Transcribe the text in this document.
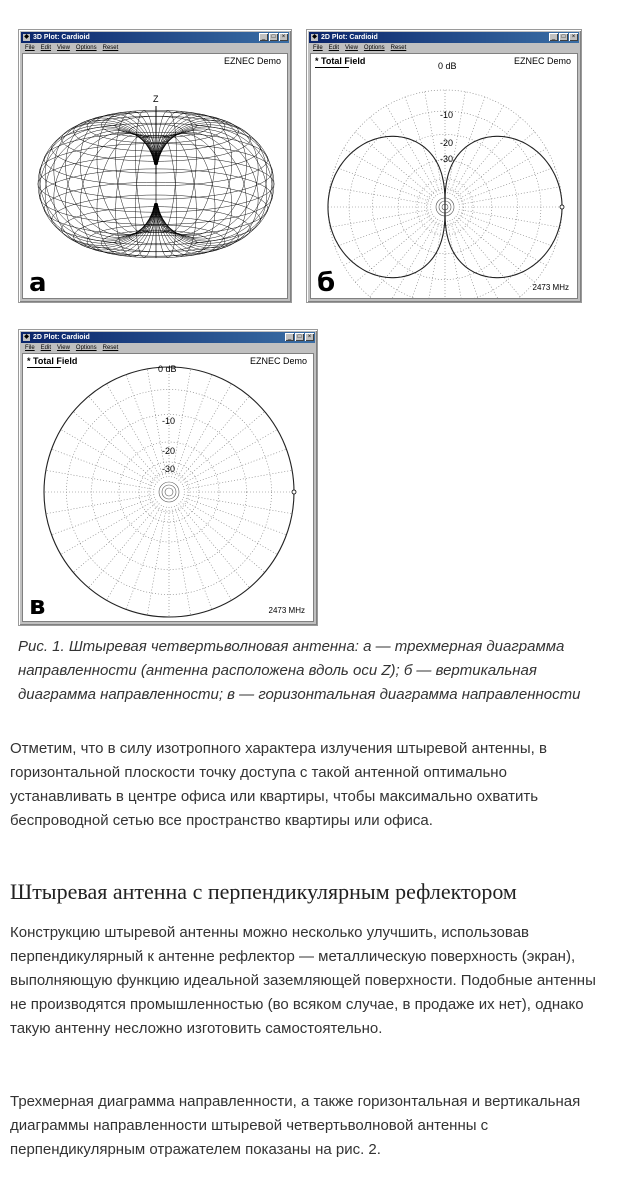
◆ 3D Plot: Cardioid	_	□	×
File Edit View Options Reset
EZNEC Demo
Z
а
◆ 2D Plot: Cardioid	_	□	×
File Edit View Options Reset
0 dB
-10
-20
-30
* Total Field	EZNEC Demo
2473 MHz
б
◆ 2D Plot: Cardioid	_	□	×
File Edit View Options Reset
0 dB
-10
-20
-30
* Total Field	EZNEC Demo
2473 MHz
в
Рис. 1. Штыревая четвертьволновая антенна: а — трехмерная диаграмма направленности (антенна расположена вдоль оси Z); б — вертикальная диаграмма направленности; в — горизонтальная диаграмма направленности
Отметим, что в силу изотропного характера излучения штыревой антенны, в горизонтальной плоскости точку доступа с такой антенной оптимально устанавливать в центре офиса или квартиры, чтобы максимально охватить беспроводной сетью все пространство квартиры или офиса.
Штыревая антенна с перпендикулярным рефлектором
Конструкцию штыревой антенны можно несколько улучшить, использовав перпендикулярный к антенне рефлектор — металлическую поверхность (экран), выполняющую функцию идеальной заземляющей поверхности. Подобные антенны не производятся промышленностью (во всяком случае, в продаже их нет), однако такую антенну несложно изготовить самостоятельно.
Трехмерная диаграмма направленности, а также горизонтальная и вертикальная диаграммы направленности штыревой четвертьволновой антенны с перпендикулярным отражателем показаны на рис. 2.
